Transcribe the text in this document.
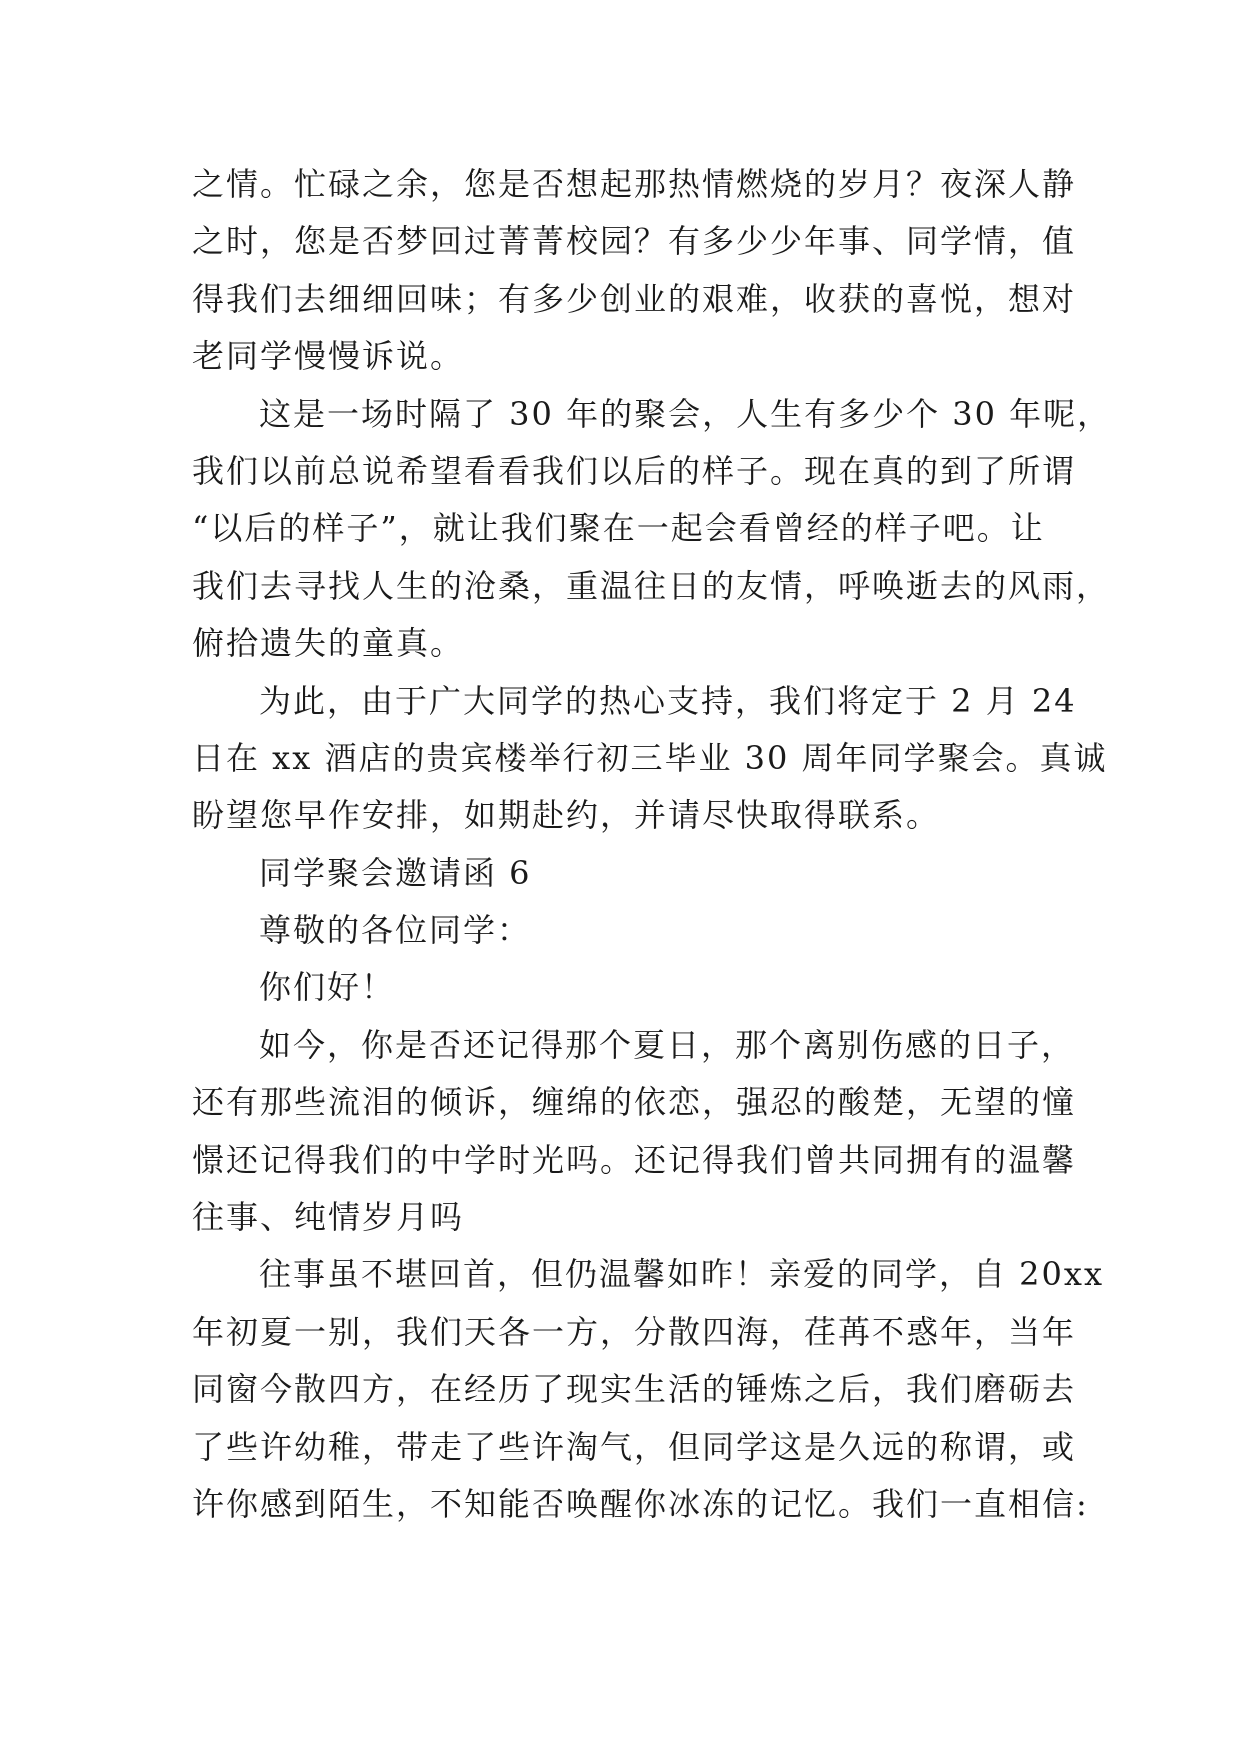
之情。忙碌之余，您是否想起那热情燃烧的岁月？夜深人静
之时，您是否梦回过菁菁校园？有多少少年事、同学情，值
得我们去细细回味；有多少创业的艰难，收获的喜悦，想对
老同学慢慢诉说。
这是一场时隔了 30 年的聚会，人生有多少个 30 年呢，
我们以前总说希望看看我们以后的样子。现在真的到了所谓
“以后的样子”，就让我们聚在一起会看曾经的样子吧。让
我们去寻找人生的沧桑，重温往日的友情，呼唤逝去的风雨，
俯拾遗失的童真。
为此，由于广大同学的热心支持，我们将定于 2 月 24
日在 xx 酒店的贵宾楼举行初三毕业 30 周年同学聚会。真诚
盼望您早作安排，如期赴约，并请尽快取得联系。
同学聚会邀请函 6
尊敬的各位同学：
你们好！
如今，你是否还记得那个夏日，那个离别伤感的日子，
还有那些流泪的倾诉，缠绵的依恋，强忍的酸楚，无望的憧
憬还记得我们的中学时光吗。还记得我们曾共同拥有的温馨
往事、纯情岁月吗
往事虽不堪回首，但仍温馨如昨！亲爱的同学，自 20xx
年初夏一别，我们天各一方，分散四海，荏苒不惑年，当年
同窗今散四方，在经历了现实生活的锤炼之后，我们磨砺去
了些许幼稚，带走了些许淘气，但同学这是久远的称谓，或
许你感到陌生，不知能否唤醒你冰冻的记忆。我们一直相信:
